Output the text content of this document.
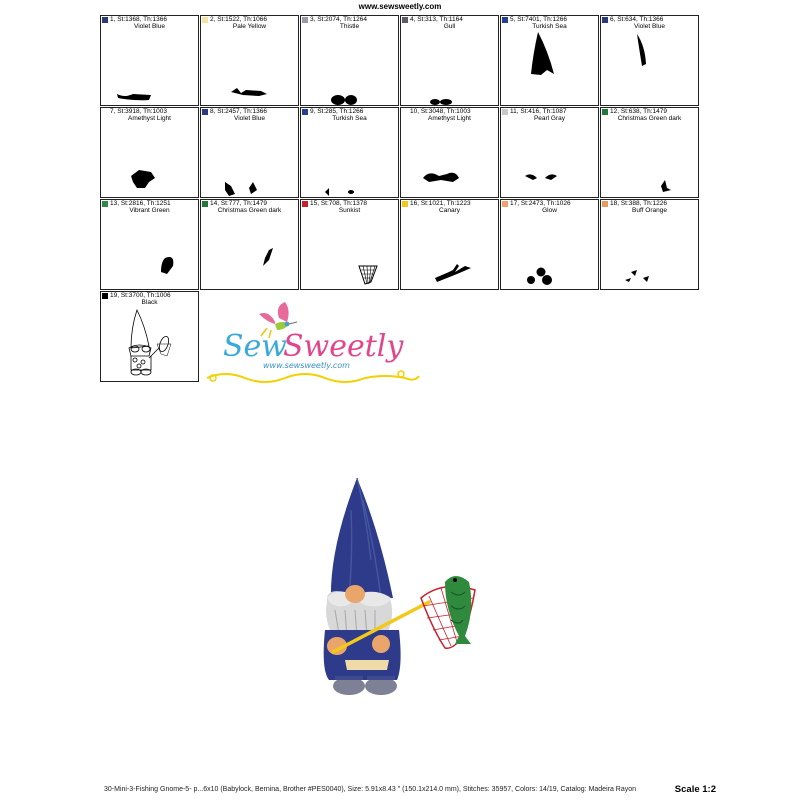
www.sewsweetly.com
1, St:1368, Th:1366
Violet Blue
2, St:1522, Th:1066
Pale Yellow
3, St:2074, Th:1264
Thistle
4, St:313, Th:1164
Gull
5, St:7401, Th:1266
Turkish Sea
6, St:634, Th:1366
Violet Blue
7, St:3918, Th:1003
Amethyst Light
8, St:2457, Th:1366
Violet Blue
9, St:285, Th:1266
Turkish Sea
10, St:3048, Th:1003
Amethyst Light
11, St:416, Th:1087
Pearl Gray
12, St:638, Th:1479
Christmas Green dark
13, St:2816, Th:1251
Vibrant Green
14, St:777, Th:1479
Christmas Green dark
15, St:708, Th:1378
Sunkist
16, St:1021, Th:1223
Canary
17, St:2473, Th:1026
Glow
18, St:388, Th:1226
Buff Orange
19, St:3700, Th:1006
Black
Sew
Sweetly
www.sewsweetly.com
30-Mini-3-Fishing Gnome-5- p...6x10 (Babylock, Bernina, Brother #PES0040), Size: 5.91x8.43 " (150.1x214.0 mm), Stitches: 35957, Colors: 14/19, Catalog: Madeira Rayon	Scale 1:2
